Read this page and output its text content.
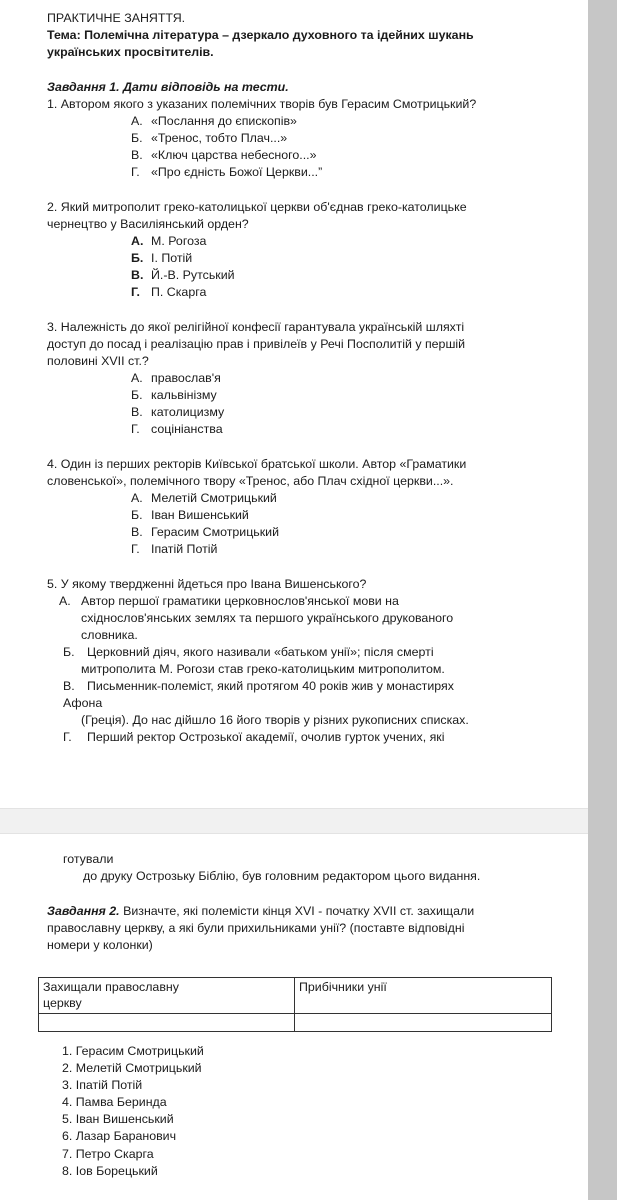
ПРАКТИЧНЕ ЗАНЯТТЯ.
Тема: Полемічна література – дзеркало духовного та ідейних шукань
українських просвітителів.
Завдання 1. Дати відповідь на тести.
1. Автором якого з указаних полемічних творів був Герасим Смотрицький?
А. «Послання до єпископів»
Б. «Тренос, тобто Плач...»
В. «Ключ царства небесного...»
Г. «Про єдність Божої Церкви...”
2. Який митрополит греко-католицької церкви об'єднав греко-католицьке
чернецтво у Василіянський орден?
А. М. Рогоза
Б. І. Потій
В. Й.-В. Рутський
Г. П. Скарга
3. Належність до якої релігійної конфесії гарантувала українській шляхті
доступ до посад і реалізацію прав і привілеїв у Речі Посполитій у першій
половині XVII ст.?
А. православ'я
Б. кальвінізму
В. католицизму
Г. соцініанства
4. Один із перших ректорів Київської братської школи. Автор «Граматики
словенської», полемічного твору «Тренос, або Плач східної церкви...».
А. Мелетій Смотрицький
Б. Іван Вишенський
В. Герасим Смотрицький
Г. Іпатій Потій
5. У якому твердженні йдеться про Івана Вишенського?
А. Автор першої граматики церковнослов'янської мови на
східнослов'янських землях та першого українського друкованого
словника.
Б. Церковний діяч, якого називали «батьком унії»; після смерті
митрополита М. Рогози став греко-католицьким митрополитом.
В. Письменник-полеміст, який протягом 40 років жив у монастирях
Афона
(Греція). До нас дійшло 16 його творів у різних рукописних списках.
Г. Перший ректор Острозької академії, очолив гурток учених, які
готували
до друку Острозьку Біблію, був головним редактором цього видання.
Завдання 2. Визначте, які полемісти кінця XVI - початку XVII ст. захищали
православну церкву, а які були прихильниками унії? (поставте відповідні
номери у колонки)
Захищали православну
церкву	Прибічники унії

1. Герасим Смотрицький
2. Мелетій Смотрицький
3. Іпатій Потій
4. Памва Беринда
5. Іван Вишенський
6. Лазар Баранович
7. Петро Скарга
8. Іов Борецький
